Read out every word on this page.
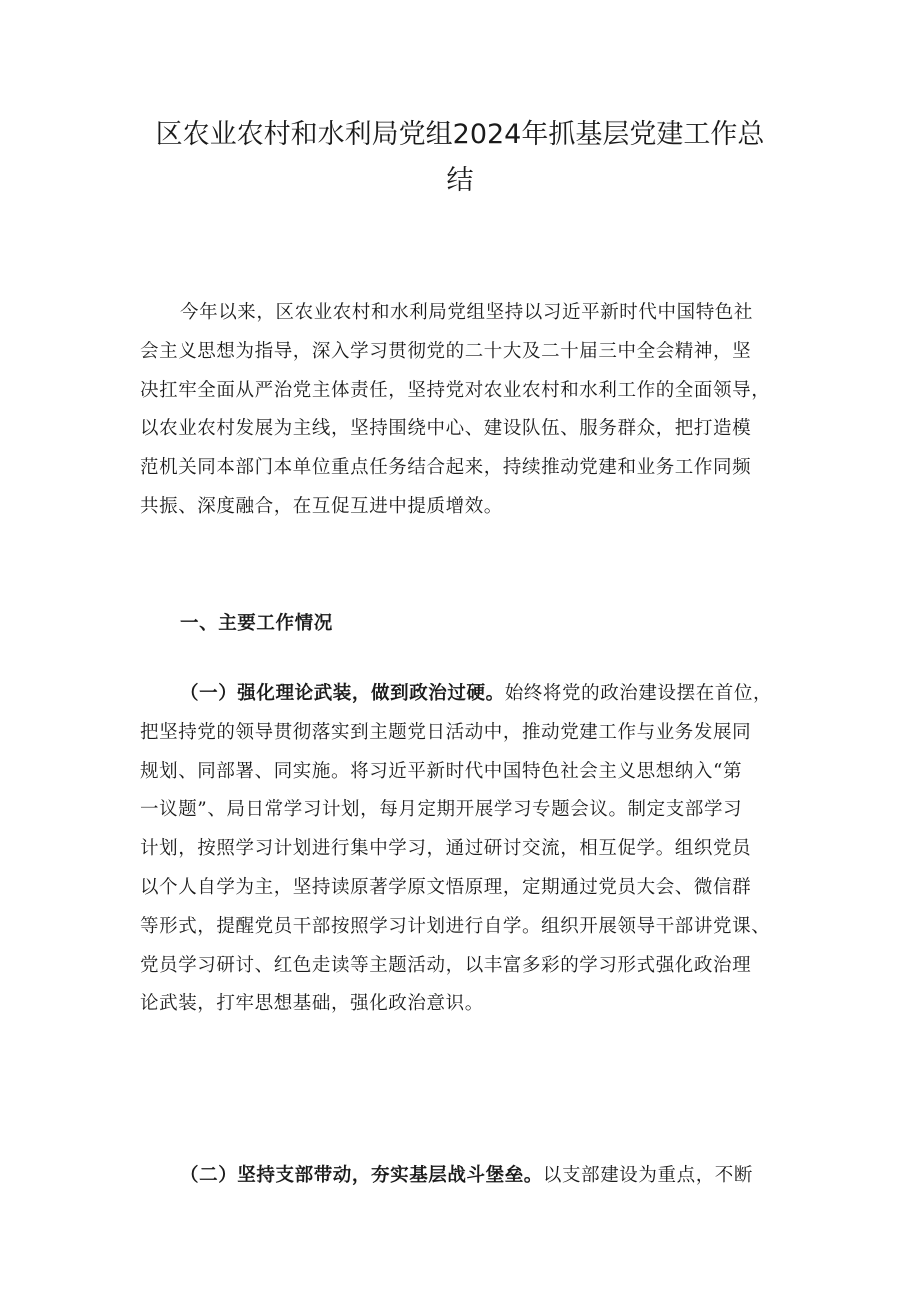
区农业农村和水利局党组2024年抓基层党建工作总
结
今年以来，区农业农村和水利局党组坚持以习近平新时代中国特色社
会主义思想为指导，深入学习贯彻党的二十大及二十届三中全会精神，坚
决扛牢全面从严治党主体责任，坚持党对农业农村和水利工作的全面领导，
以农业农村发展为主线，坚持围绕中心、建设队伍、服务群众，把打造模
范机关同本部门本单位重点任务结合起来，持续推动党建和业务工作同频
共振、深度融合，在互促互进中提质增效。
一、主要工作情况
（一）强化理论武装，做到政治过硬。始终将党的政治建设摆在首位，
把坚持党的领导贯彻落实到主题党日活动中，推动党建工作与业务发展同
规划、同部署、同实施。将习近平新时代中国特色社会主义思想纳入“第
一议题”、局日常学习计划，每月定期开展学习专题会议。制定支部学习
计划，按照学习计划进行集中学习，通过研讨交流，相互促学。组织党员
以个人自学为主，坚持读原著学原文悟原理，定期通过党员大会、微信群
等形式，提醒党员干部按照学习计划进行自学。组织开展领导干部讲党课、
党员学习研讨、红色走读等主题活动，以丰富多彩的学习形式强化政治理
论武装，打牢思想基础，强化政治意识。
（二）坚持支部带动，夯实基层战斗堡垒。以支部建设为重点，不断
